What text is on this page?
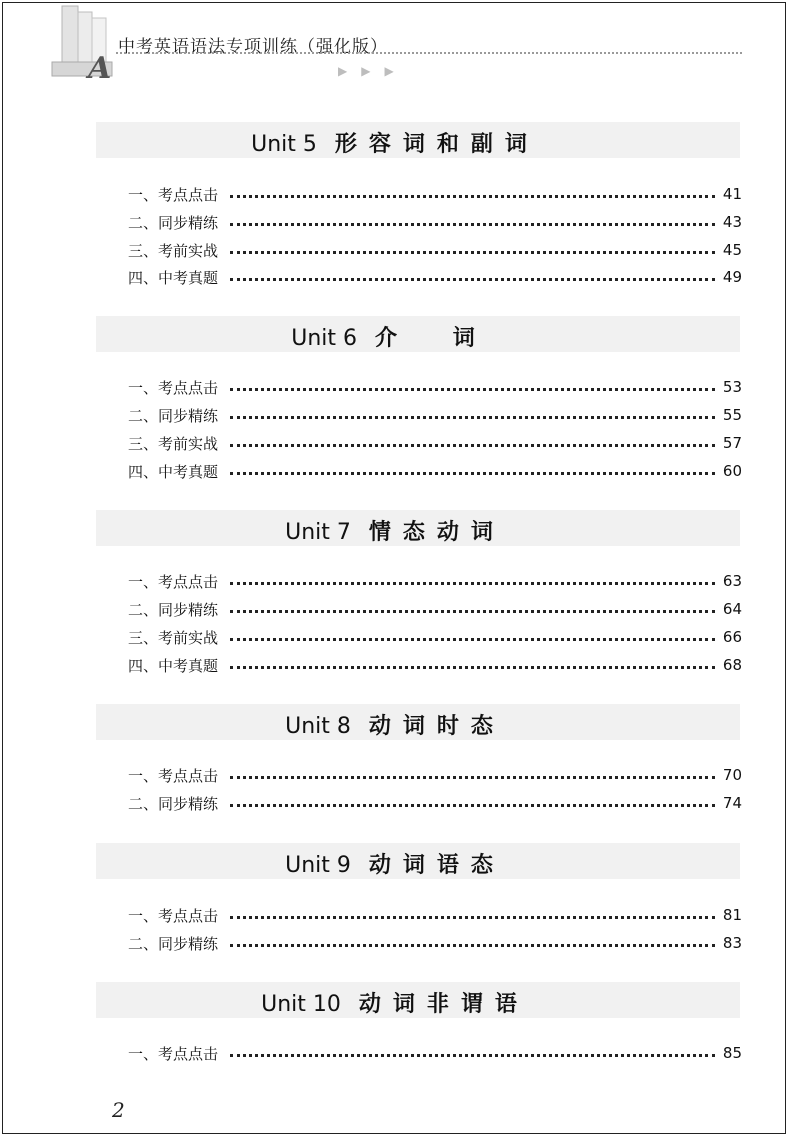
A
中考英语语法专项训练（强化版）
▶▶▶
Unit 5 形容词和副词
一、考点点击	41
二、同步精练	43
三、考前实战	45
四、中考真题	49
Unit 6 介 词
一、考点点击	53
二、同步精练	55
三、考前实战	57
四、中考真题	60
Unit 7 情态动词
一、考点点击	63
二、同步精练	64
三、考前实战	66
四、中考真题	68
Unit 8 动词时态
一、考点点击	70
二、同步精练	74
Unit 9 动词语态
一、考点点击	81
二、同步精练	83
Unit 10 动词非谓语
一、考点点击	85
2
